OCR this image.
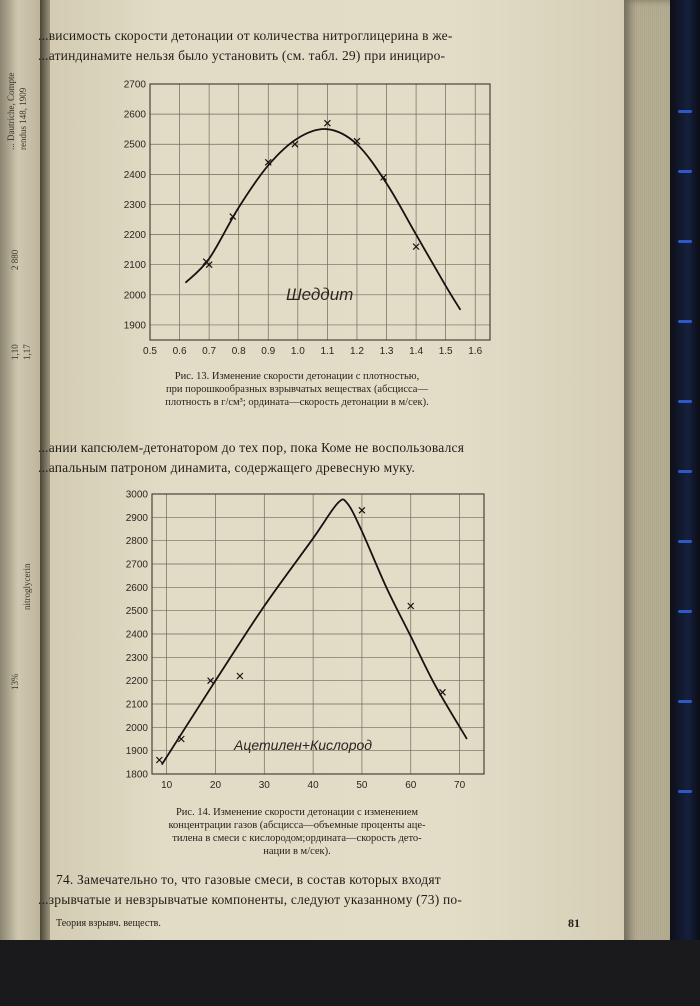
... Dautriche, Compte rendus 148, 1909
2 880
1,10 1,17
13%
nitroglycerin
...висимость скорости детонации от количества нитроглицерина в же-
...атиндинамите нельзя было установить (см. табл. 29) при инициро-
0.5 0.6 0.7 0.8 0.9 1.0 1.1 1.2 1.3 1.4 1.5 1.6
1900
2000
2100
2200
2300
2400
2500
2600
2700
Шеддит
Рис. 13. Изменение скорости детонации с плотностью,
при порошкообразных взрывчатых веществах (абсцисса—
плотность в г/см³; ордината—скорость детонации в м/сек).
...ании капсюлем-детонатором до тех пор, пока Коме не воспользовался
...апальным патроном динамита, содержащего древесную муку.
10	20	30	40	50	60	70
1800
1900
2000
2100
2200
2300
2400
2500
2600
2700
2800
2900
3000
Ацетилен+Кислород
Рис. 14. Изменение скорости детонации с изменением
концентрации газов (абсцисса—объемные проценты аце-
тилена в смеси с кислородом;ордината—скорость дето-
нации в м/сек).
74. Замечательно то, что газовые смеси, в состав которых входят
...зрывчатые и невзрывчатые компоненты, следуют указанному (73) по-
Теория взрывч. веществ.	81
